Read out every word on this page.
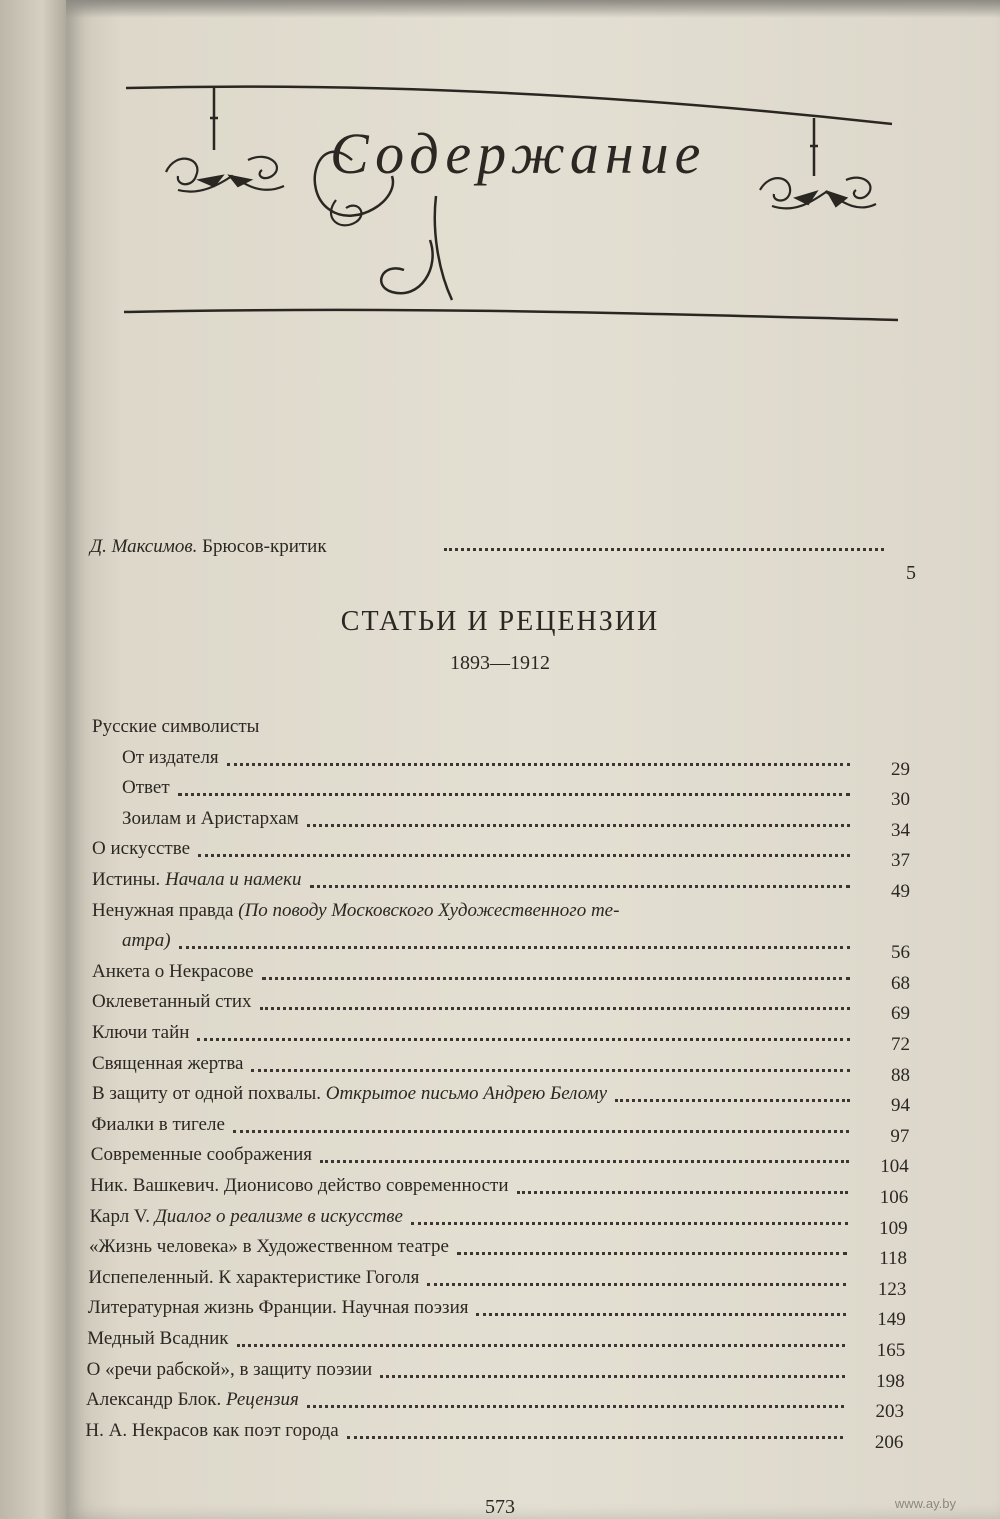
Содержание
Д. Максимов. Брюсов-критик
5
СТАТЬИ И РЕЦЕНЗИИ
1893—1912
Русские символисты
От издателя
29
Ответ
30
Зоилам и Аристархам
34
О искусстве
37
Истины. Начала и намеки
49
Ненужная правда (По поводу Московского Художественного те-
атра)
56
Анкета о Некрасове
68
Оклеветанный стих
69
Ключи тайн
72
Священная жертва
88
В защиту от одной похвалы. Открытое письмо Андрею Белому
94
Фиалки в тигеле
97
Современные соображения
104
Ник. Вашкевич. Дионисово действо современности
106
Карл V. Диалог о реализме в искусстве
109
«Жизнь человека» в Художественном театре
118
Испепеленный. К характеристике Гоголя
123
Литературная жизнь Франции. Научная поэзия
149
Медный Всадник
165
О «речи рабской», в защиту поэзии
198
Александр Блок. Рецензия
203
Н. А. Некрасов как поэт города
206
573	www.ay.by
